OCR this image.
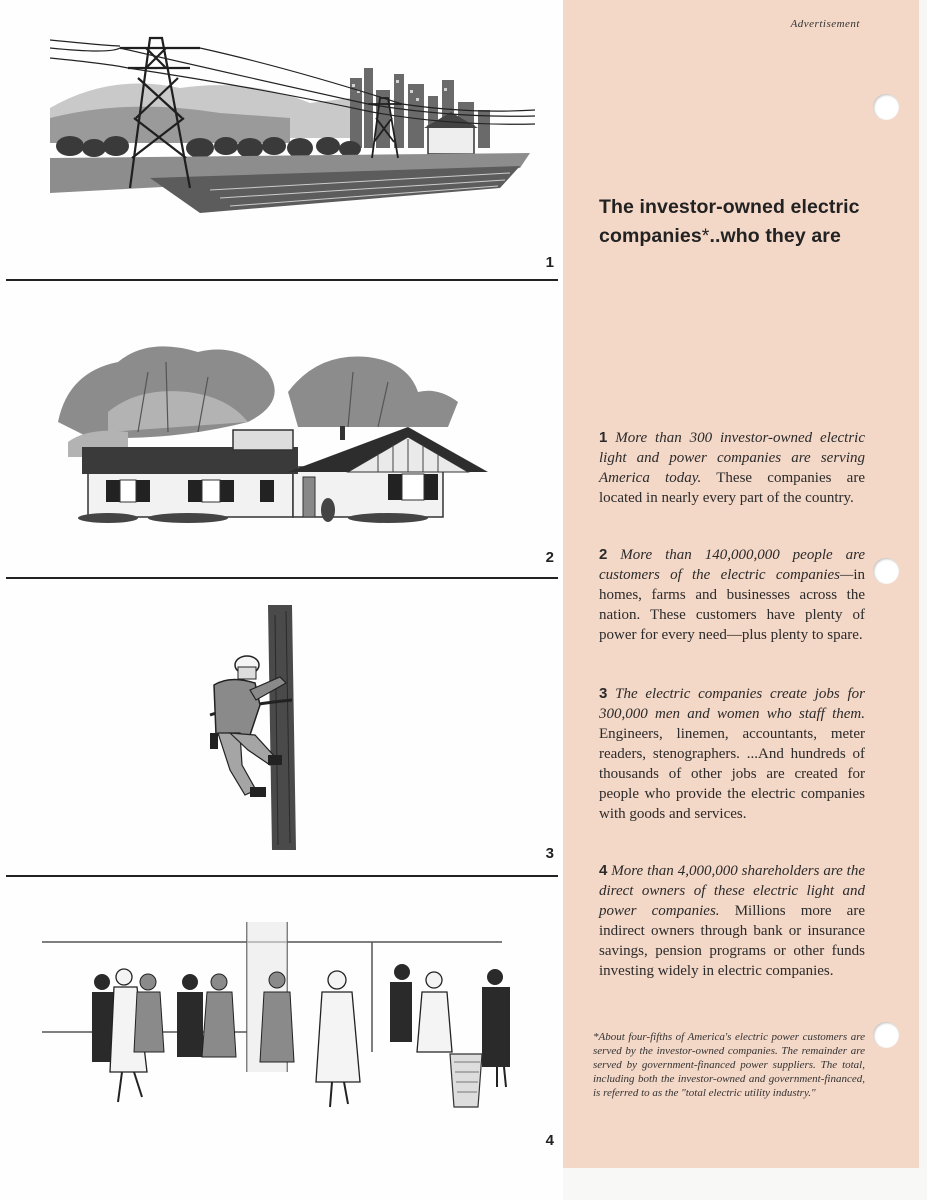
1
2
3
4
Advertisement
The investor-owned electric
companies*..who they are
1 More than 300 investor-owned electric light and power companies are serving America today. These companies are located in nearly every part of the country.
2 More than 140,000,000 people are customers of the electric companies—in homes, farms and businesses across the nation. These customers have plenty of power for every need—plus plenty to spare.
3 The electric companies create jobs for 300,000 men and women who staff them. Engineers, linemen, accountants, meter readers, stenographers. ...And hundreds of thousands of other jobs are created for people who provide the electric companies with goods and services.
4 More than 4,000,000 shareholders are the direct owners of these electric light and power companies. Millions more are indirect owners through bank or insurance savings, pension programs or other funds investing widely in electric companies.
*About four-fifths of America's electric power customers are served by the investor-owned companies. The remainder are served by government-financed power suppliers. The total, including both the investor-owned and government-financed, is referred to as the "total electric utility industry."
